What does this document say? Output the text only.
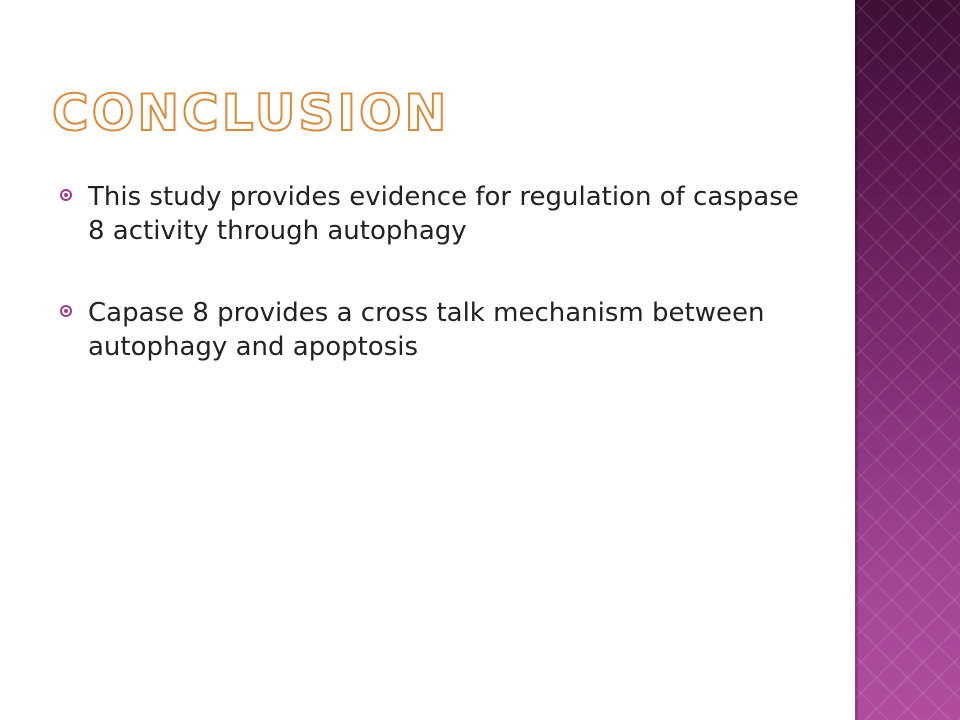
CONCLUSION
This study provides evidence for regulation of caspase 8 activity through autophagy
Capase 8 provides a cross talk mechanism between autophagy and apoptosis
